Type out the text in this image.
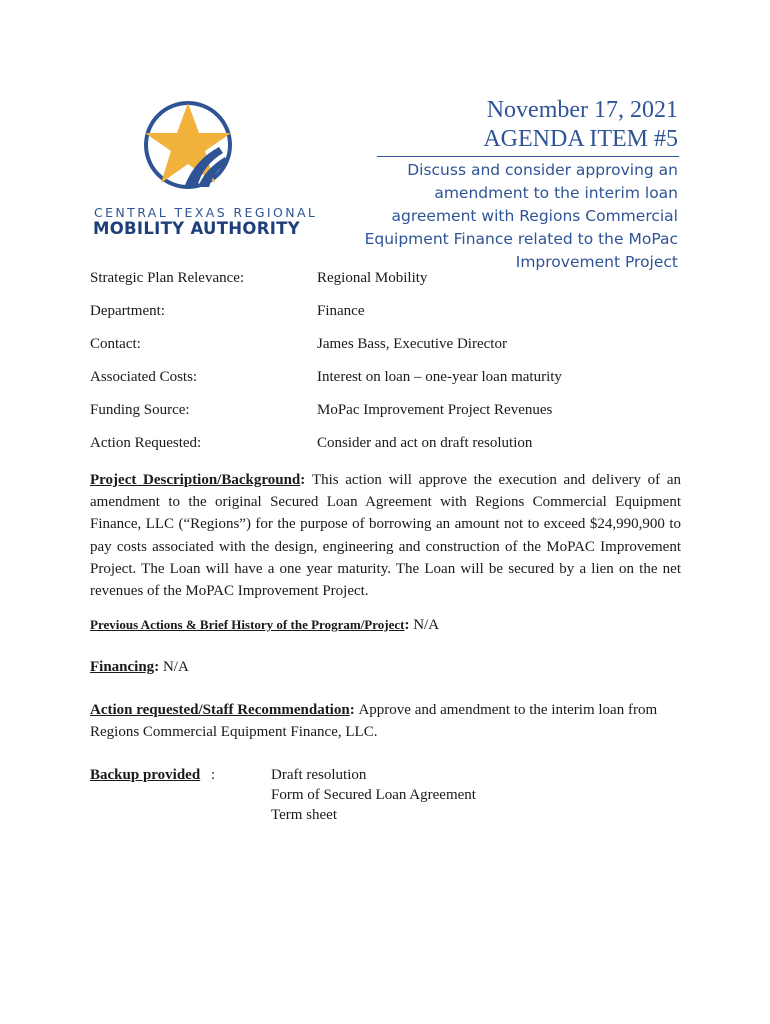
CENTRAL TEXAS REGIONAL
MOBILITY AUTHORITY
November 17, 2021
AGENDA ITEM #5
Discuss and consider approving an amendment to the interim loan agreement with Regions Commercial Equipment Finance related to the MoPac Improvement Project
Strategic Plan Relevance:	Regional Mobility
Department:	Finance
Contact:	James Bass, Executive Director
Associated Costs:	Interest on loan – one-year loan maturity
Funding Source:	MoPac Improvement Project Revenues
Action Requested:	Consider and act on draft resolution
Project Description/Background: This action will approve the execution and delivery of an amendment to the original Secured Loan Agreement with Regions Commercial Equipment Finance, LLC (“Regions”) for the purpose of borrowing an amount not to exceed $24,990,900 to pay costs associated with the design, engineering and construction of the MoPAC Improvement Project. The Loan will have a one year maturity. The Loan will be secured by a lien on the net revenues of the MoPAC Improvement Project.
Previous Actions & Brief History of the Program/Project: N/A
Financing: N/A
Action requested/Staff Recommendation: Approve and amendment to the interim loan from Regions Commercial Equipment Finance, LLC.
Backup provided :	Draft resolution
Form of Secured Loan Agreement
Term sheet
